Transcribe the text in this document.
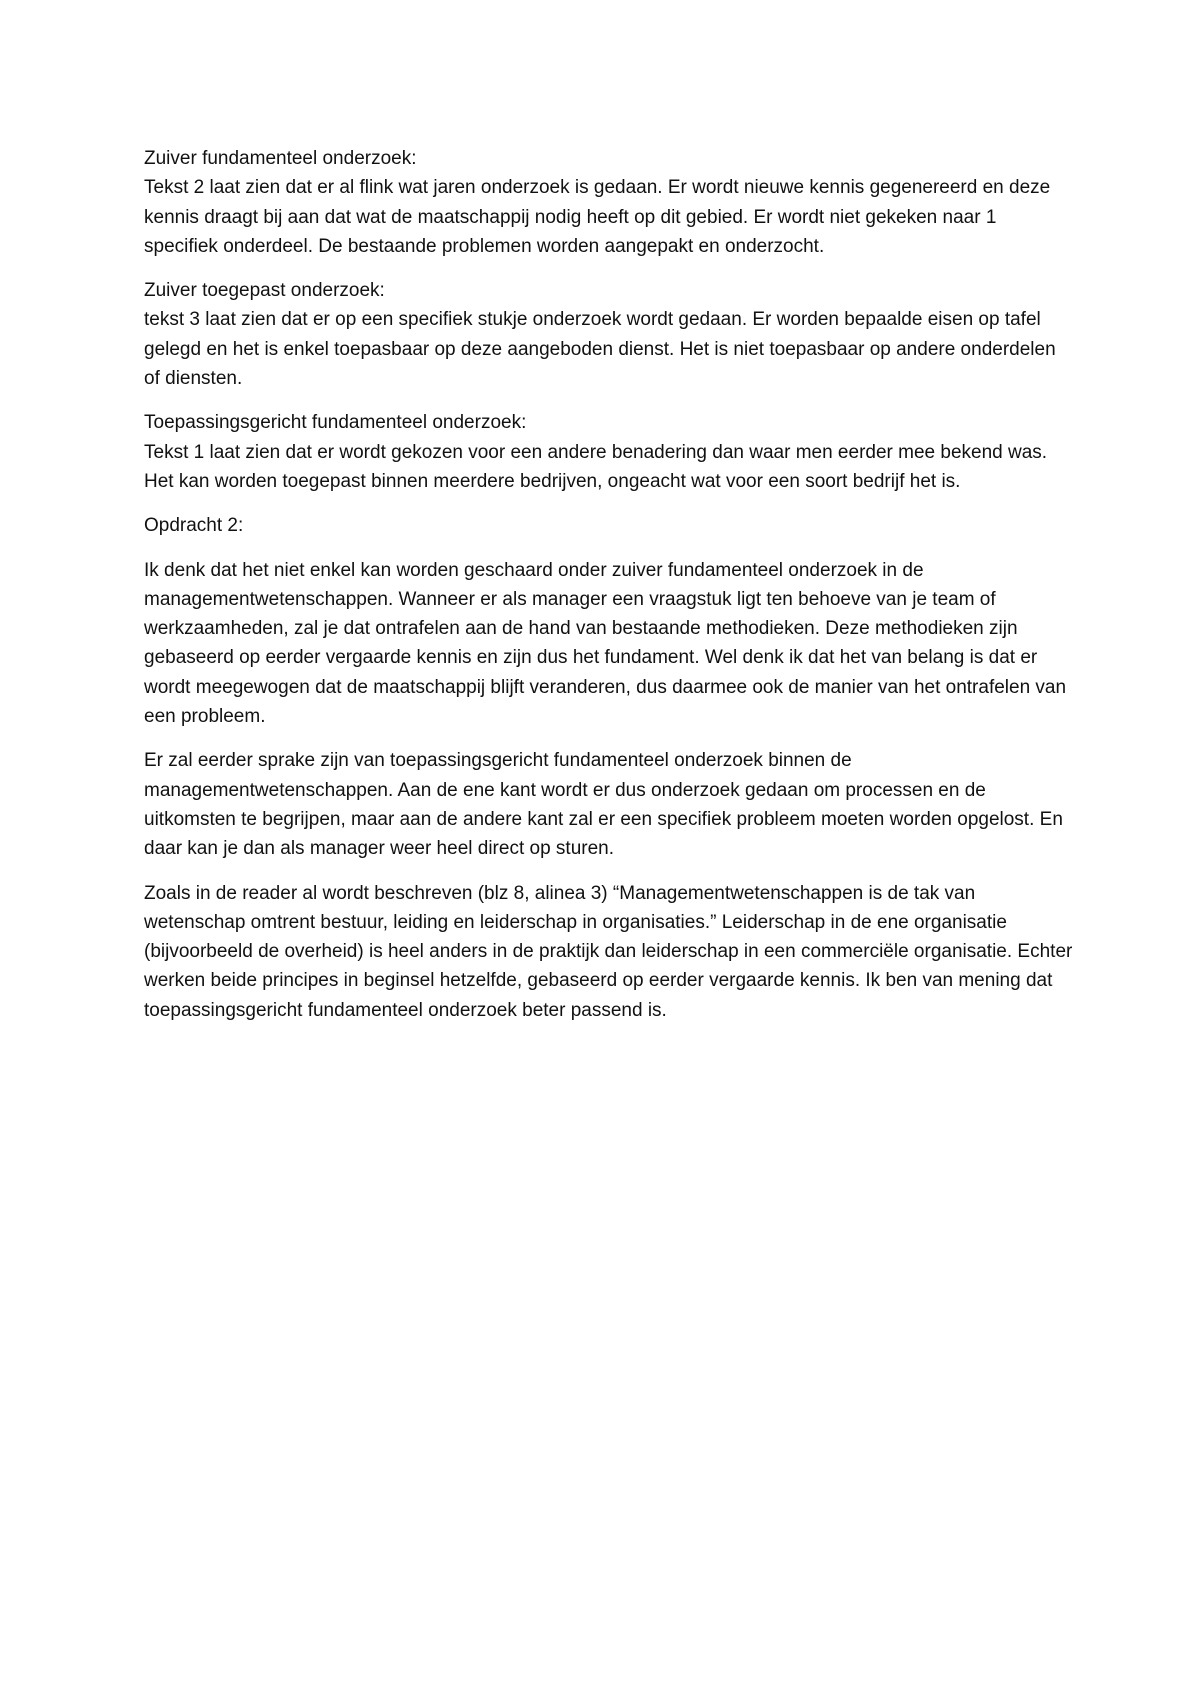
Zuiver fundamenteel onderzoek:

Tekst 2 laat zien dat er al flink wat jaren onderzoek is gedaan. Er wordt nieuwe kennis gegenereerd en deze kennis draagt bij aan dat wat de maatschappij nodig heeft op dit gebied. Er wordt niet gekeken naar 1 specifiek onderdeel. De bestaande problemen worden aangepakt en onderzocht.

Zuiver toegepast onderzoek:

tekst 3 laat zien dat er op een specifiek stukje onderzoek wordt gedaan. Er worden bepaalde eisen op tafel gelegd en het is enkel toepasbaar op deze aangeboden dienst. Het is niet toepasbaar op andere onderdelen of diensten.

Toepassingsgericht fundamenteel onderzoek:

Tekst 1 laat zien dat er wordt gekozen voor een andere benadering dan waar men eerder mee bekend was. Het kan worden toegepast binnen meerdere bedrijven, ongeacht wat voor een soort bedrijf het is.

Opdracht 2:

Ik denk dat het niet enkel kan worden geschaard onder zuiver fundamenteel onderzoek in de managementwetenschappen. Wanneer er als manager een vraagstuk ligt ten behoeve van je team of werkzaamheden, zal je dat ontrafelen aan de hand van bestaande methodieken. Deze methodieken zijn gebaseerd op eerder vergaarde kennis en zijn dus het fundament. Wel denk ik dat het van belang is dat er wordt meegewogen dat de maatschappij blijft veranderen, dus daarmee ook de manier van het ontrafelen van een probleem.

Er zal eerder sprake zijn van toepassingsgericht fundamenteel onderzoek binnen de managementwetenschappen. Aan de ene kant wordt er dus onderzoek gedaan om processen en de uitkomsten te begrijpen, maar aan de andere kant zal er een specifiek probleem moeten worden opgelost. En daar kan je dan als manager weer heel direct op sturen.

Zoals in de reader al wordt beschreven (blz 8, alinea 3) “Managementwetenschappen is de tak van wetenschap omtrent bestuur, leiding en leiderschap in organisaties.” Leiderschap in de ene organisatie (bijvoorbeeld de overheid) is heel anders in de praktijk dan leiderschap in een commerciële organisatie. Echter werken beide principes in beginsel hetzelfde, gebaseerd op eerder vergaarde kennis. Ik ben van mening dat toepassingsgericht fundamenteel onderzoek beter passend is.
